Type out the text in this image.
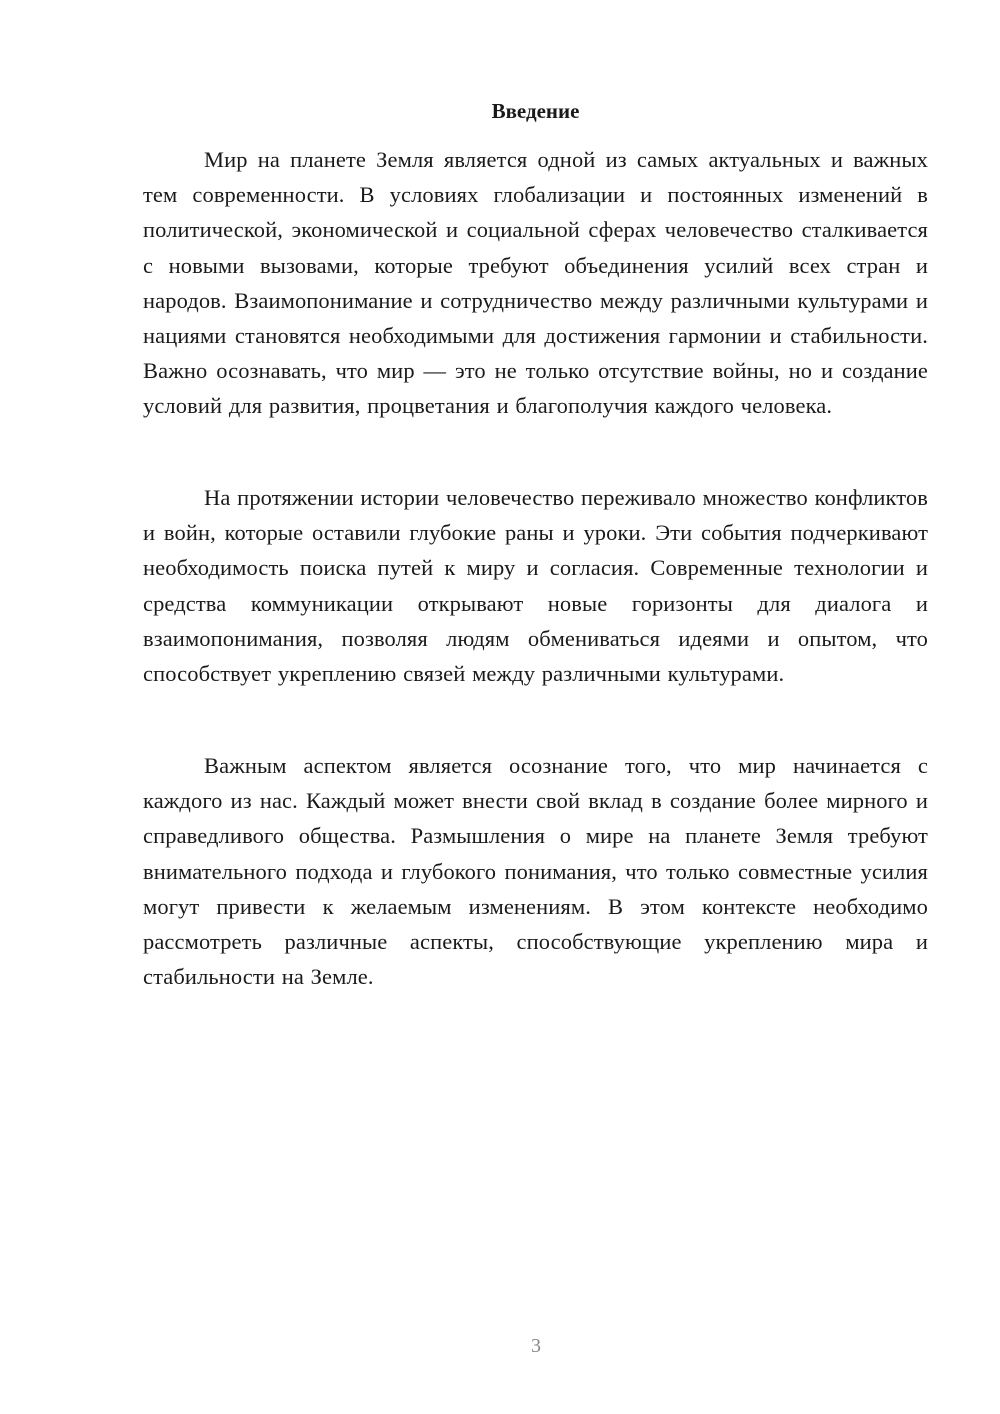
Введение

Мир на планете Земля является одной из самых актуальных и важных тем современности. В условиях глобализации и постоянных изменений в политической, экономической и социальной сферах человечество сталкивается с новыми вызовами, которые требуют объединения усилий всех стран и народов. Взаимопонимание и сотрудничество между различными культурами и нациями становятся необходимыми для достижения гармонии и стабильности. Важно осознавать, что мир — это не только отсутствие войны, но и создание условий для развития, процветания и благополучия каждого человека.

На протяжении истории человечество переживало множество конфликтов и войн, которые оставили глубокие раны и уроки. Эти события подчеркивают необходимость поиска путей к миру и согласия. Современные технологии и средства коммуникации открывают новые горизонты для диалога и взаимопонимания, позволяя людям обмениваться идеями и опытом, что способствует укреплению связей между различными культурами.

Важным аспектом является осознание того, что мир начинается с каждого из нас. Каждый может внести свой вклад в создание более мирного и справедливого общества. Размышления о мире на планете Земля требуют внимательного подхода и глубокого понимания, что только совместные усилия могут привести к желаемым изменениям. В этом контексте необходимо рассмотреть различные аспекты, способствующие укреплению мира и стабильности на Земле.

3
